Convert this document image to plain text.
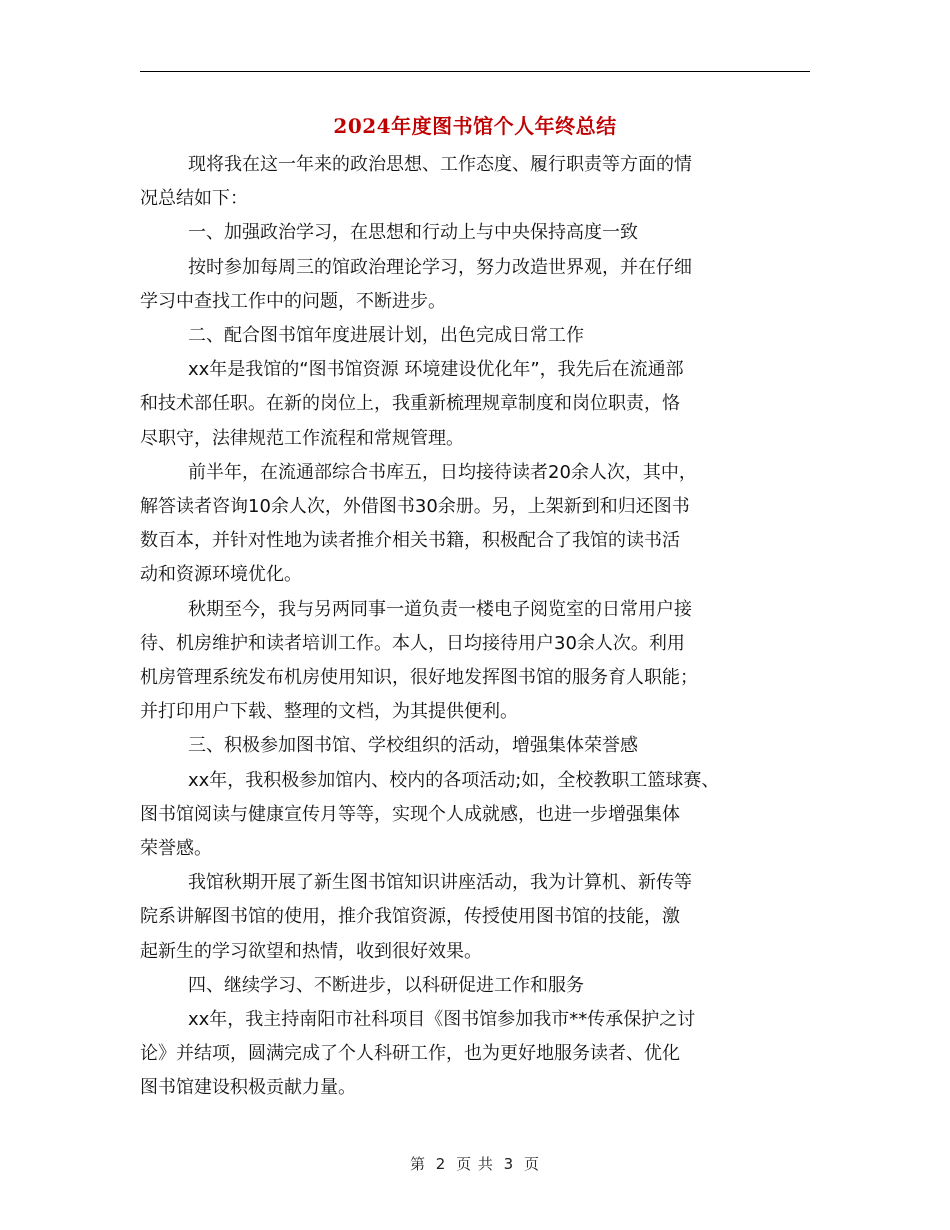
2024年度图书馆个人年终总结
现将我在这一年来的政治思想、工作态度、履行职责等方面的情
况总结如下：
一、加强政治学习，在思想和行动上与中央保持高度一致
按时参加每周三的馆政治理论学习，努力改造世界观，并在仔细
学习中查找工作中的问题，不断进步。
二、配合图书馆年度进展计划，出色完成日常工作
xx年是我馆的“图书馆资源 环境建设优化年”，我先后在流通部
和技术部任职。在新的岗位上，我重新梳理规章制度和岗位职责，恪
尽职守，法律规范工作流程和常规管理。
前半年，在流通部综合书库五，日均接待读者20余人次，其中，
解答读者咨询10余人次，外借图书30余册。另，上架新到和归还图书
数百本，并针对性地为读者推介相关书籍，积极配合了我馆的读书活
动和资源环境优化。
秋期至今，我与另两同事一道负责一楼电子阅览室的日常用户接
待、机房维护和读者培训工作。本人，日均接待用户30余人次。利用
机房管理系统发布机房使用知识，很好地发挥图书馆的服务育人职能；
并打印用户下载、整理的文档，为其提供便利。
三、积极参加图书馆、学校组织的活动，增强集体荣誉感
xx年，我积极参加馆内、校内的各项活动;如，全校教职工篮球赛、
图书馆阅读与健康宣传月等等，实现个人成就感，也进一步增强集体
荣誉感。
我馆秋期开展了新生图书馆知识讲座活动，我为计算机、新传等
院系讲解图书馆的使用，推介我馆资源，传授使用图书馆的技能，激
起新生的学习欲望和热情，收到很好效果。
四、继续学习、不断进步，以科研促进工作和服务
xx年，我主持南阳市社科项目《图书馆参加我市**传承保护之讨
论》并结项，圆满完成了个人科研工作，也为更好地服务读者、优化
图书馆建设积极贡献力量。
第 2 页 共 3 页
